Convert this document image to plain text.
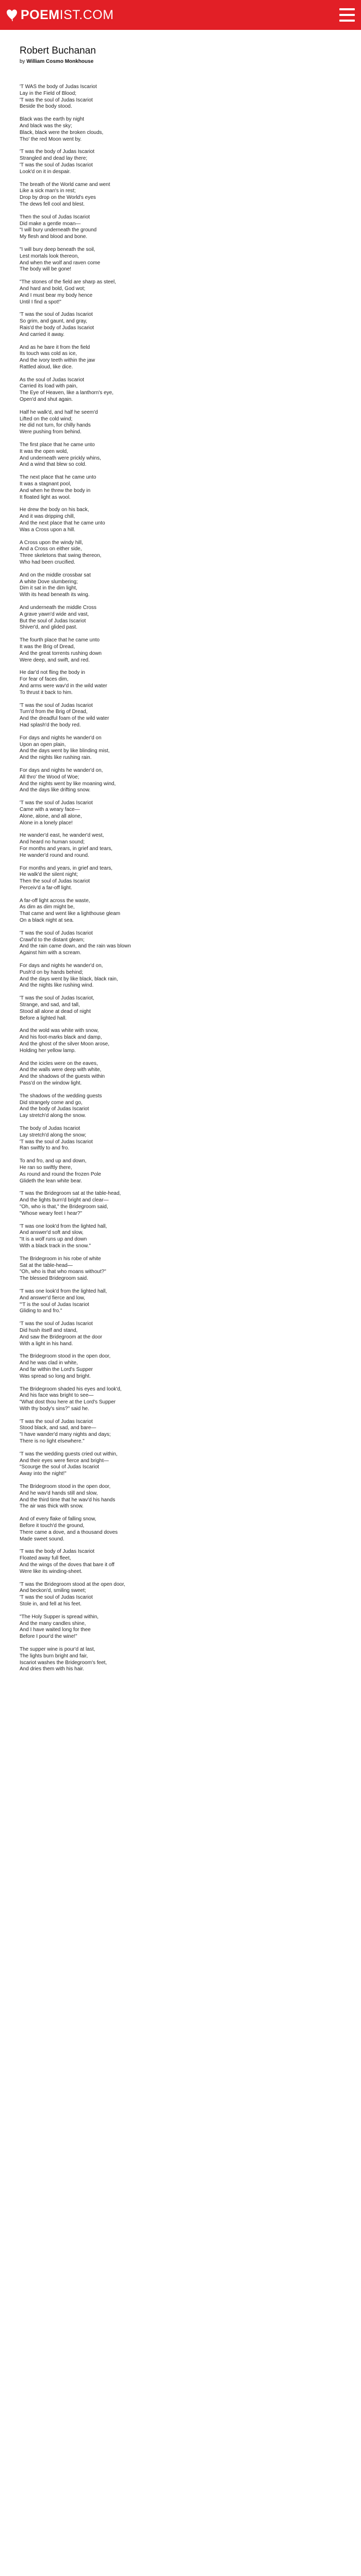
POEM IST.COM
Robert Buchanan
by William Cosmo Monkhouse
'T WAS the body of Judas Iscariot
Lay in the Field of Blood;
'T was the soul of Judas Iscariot
Beside the body stood.
Black was the earth by night
And black was the sky;
Black, black were the broken clouds,
Tho' the red Moon went by.
'T was the body of Judas Iscariot
Strangled and dead lay there;
'T was the soul of Judas Iscariot
Look'd on it in despair.
The breath of the World came and went
Like a sick man's in rest;
Drop by drop on the World's eyes
The dews fell cool and blest.
Then the soul of Judas Iscariot
Did make a gentle moan—
"I will bury underneath the ground
My flesh and blood and bone.
"I will bury deep beneath the soil,
Lest mortals look thereon,
And when the wolf and raven come
The body will be gone!
"The stones of the field are sharp as steel,
And hard and bold, God wot;
And I must bear my body hence
Until I find a spot!"
'T was the soul of Judas Iscariot
So grim, and gaunt, and gray,
Rais'd the body of Judas Iscariot
And carried it away.
And as he bare it from the field
Its touch was cold as ice,
And the ivory teeth within the jaw
Rattled aloud, like dice.
As the soul of Judas Iscariot
Carried its load with pain,
The Eye of Heaven, like a lanthorn's eye,
Open'd and shut again.
Half he walk'd, and half he seem'd
Lifted on the cold wind;
He did not turn, for chilly hands
Were pushing from behind.
The first place that he came unto
It was the open wold,
And underneath were prickly whins,
And a wind that blew so cold.
The next place that he came unto
It was a stagnant pool,
And when he threw the body in
It floated light as wool.
He drew the body on his back,
And it was dripping chill,
And the next place that he came unto
Was a Cross upon a hill.
A Cross upon the windy hill,
And a Cross on either side,
Three skeletons that swing thereon,
Who had been crucified.
And on the middle crossbar sat
A white Dove slumbering;
Dim it sat in the dim light,
With its head beneath its wing.
And underneath the middle Cross
A grave yawn'd wide and vast,
But the soul of Judas Iscariot
Shiver'd, and glided past.
The fourth place that he came unto
It was the Brig of Dread,
And the great torrents rushing down
Were deep, and swift, and red.
He dar'd not fling the body in
For fear of faces dim,
And arms were wav'd in the wild water
To thrust it back to him.
'T was the soul of Judas Iscariot
Turn'd from the Brig of Dread,
And the dreadful foam of the wild water
Had splash'd the body red.
For days and nights he wander'd on
Upon an open plain,
And the days went by like blinding mist,
And the nights like rushing rain.
For days and nights he wander'd on,
All thro' the Wood of Woe;
And the nights went by like moaning wind,
And the days like drifting snow.
'T was the soul of Judas Iscariot
Came with a weary face—
Alone, alone, and all alone,
Alone in a lonely place!
He wander'd east, he wander'd west,
And heard no human sound;
For months and years, in grief and tears,
He wander'd round and round.
For months and years, in grief and tears,
He walk'd the silent night;
Then the soul of Judas Iscariot
Perceiv'd a far-off light.
A far-off light across the waste,
As dim as dim might be,
That came and went like a lighthouse gleam
On a black night at sea.
'T was the soul of Judas Iscariot
Crawl'd to the distant gleam;
And the rain came down, and the rain was blown
Against him with a scream.
For days and nights he wander'd on,
Push'd on by hands behind;
And the days went by like black, black rain,
And the nights like rushing wind.
'T was the soul of Judas Iscariot,
Strange, and sad, and tall,
Stood all alone at dead of night
Before a lighted hall.
And the wold was white with snow,
And his foot-marks black and damp,
And the ghost of the silver Moon arose,
Holding her yellow lamp.
And the icicles were on the eaves,
And the walls were deep with white,
And the shadows of the guests within
Pass'd on the window light.
The shadows of the wedding guests
Did strangely come and go,
And the body of Judas Iscariot
Lay stretch'd along the snow.
The body of Judas Iscariot
Lay stretch'd along the snow;
'T was the soul of Judas Iscariot
Ran swiftly to and fro.
To and fro, and up and down,
He ran so swiftly there,
As round and round the frozen Pole
Glideth the lean white bear.
'T was the Bridegroom sat at the table-head,
And the lights burn'd bright and clear—
"Oh, who is that," the Bridegroom said,
"Whose weary feet I hear?"
'T was one look'd from the lighted hall,
And answer'd soft and slow,
"It is a wolf runs up and down
With a black track in the snow."
The Bridegroom in his robe of white
Sat at the table-head—
"Oh, who is that who moans without?"
The blessed Bridegroom said.
'T was one look'd from the lighted hall,
And answer'd fierce and low,
"'T is the soul of Judas Iscariot
Gliding to and fro."
'T was the soul of Judas Iscariot
Did hush itself and stand,
And saw the Bridegroom at the door
With a light in his hand.
The Bridegroom stood in the open door,
And he was clad in white,
And far within the Lord's Supper
Was spread so long and bright.
The Bridegroom shaded his eyes and look'd,
And his face was bright to see—
"What dost thou here at the Lord's Supper
With thy body's sins?" said he.
'T was the soul of Judas Iscariot
Stood black, and sad, and bare—
"I have wander'd many nights and days;
There is no light elsewhere."
'T was the wedding guests cried out within,
And their eyes were fierce and bright—
"Scourge the soul of Judas Iscariot
Away into the night!"
The Bridegroom stood in the open door,
And he wav'd hands still and slow,
And the third time that he wav'd his hands
The air was thick with snow.
And of every flake of falling snow,
Before it touch'd the ground,
There came a dove, and a thousand doves
Made sweet sound.
'T was the body of Judas Iscariot
Floated away full fleet,
And the wings of the doves that bare it off
Were like its winding-sheet.
'T was the Bridegroom stood at the open door,
And beckon'd, smiling sweet;
'T was the soul of Judas Iscariot
Stole in, and fell at his feet.
"The Holy Supper is spread within,
And the many candles shine,
And I have waited long for thee
Before I pour'd the wine!"
The supper wine is pour'd at last,
The lights burn bright and fair,
Iscariot washes the Bridegroom's feet,
And dries them with his hair.
